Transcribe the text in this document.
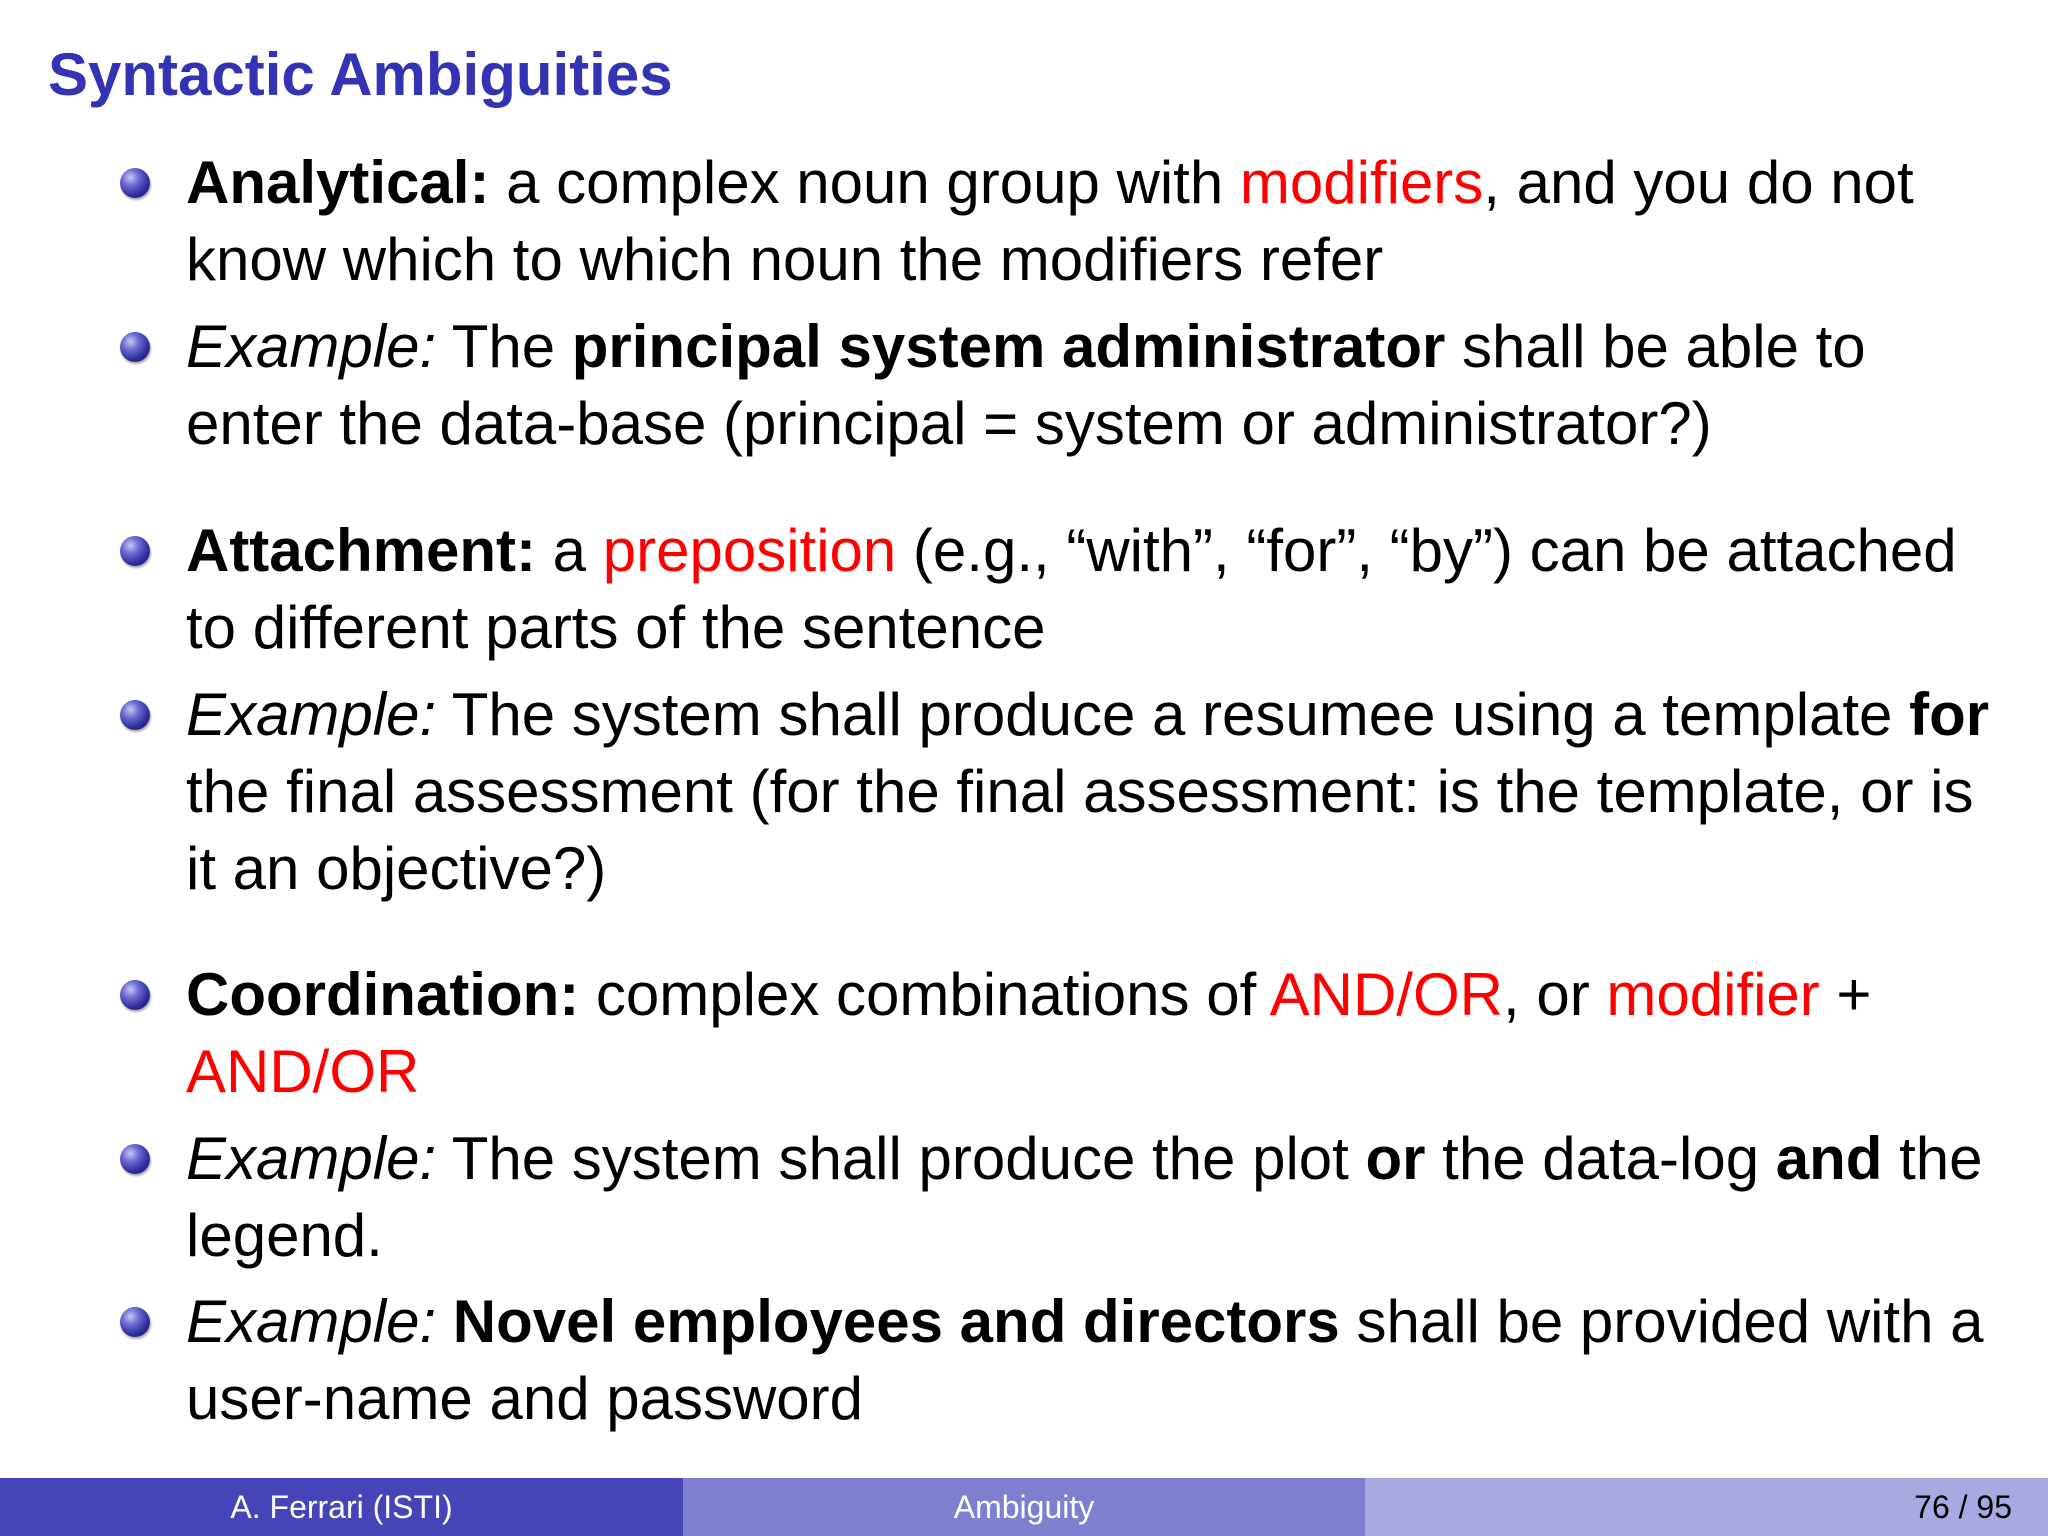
Syntactic Ambiguities
Analytical: a complex noun group with modifiers, and you do not know which to which noun the modifiers refer
Example: The principal system administrator shall be able to enter the data-base (principal = system or administrator?)
Attachment: a preposition (e.g., “with”, “for”, “by”) can be attached to different parts of the sentence
Example: The system shall produce a resumee using a template for the final assessment (for the final assessment: is the template, or is it an objective?)
Coordination: complex combinations of AND/OR, or modifier + AND/OR
Example: The system shall produce the plot or the data-log and the legend.
Example: Novel employees and directors shall be provided with a user-name and password
A. Ferrari (ISTI)	Ambiguity	76 / 95
